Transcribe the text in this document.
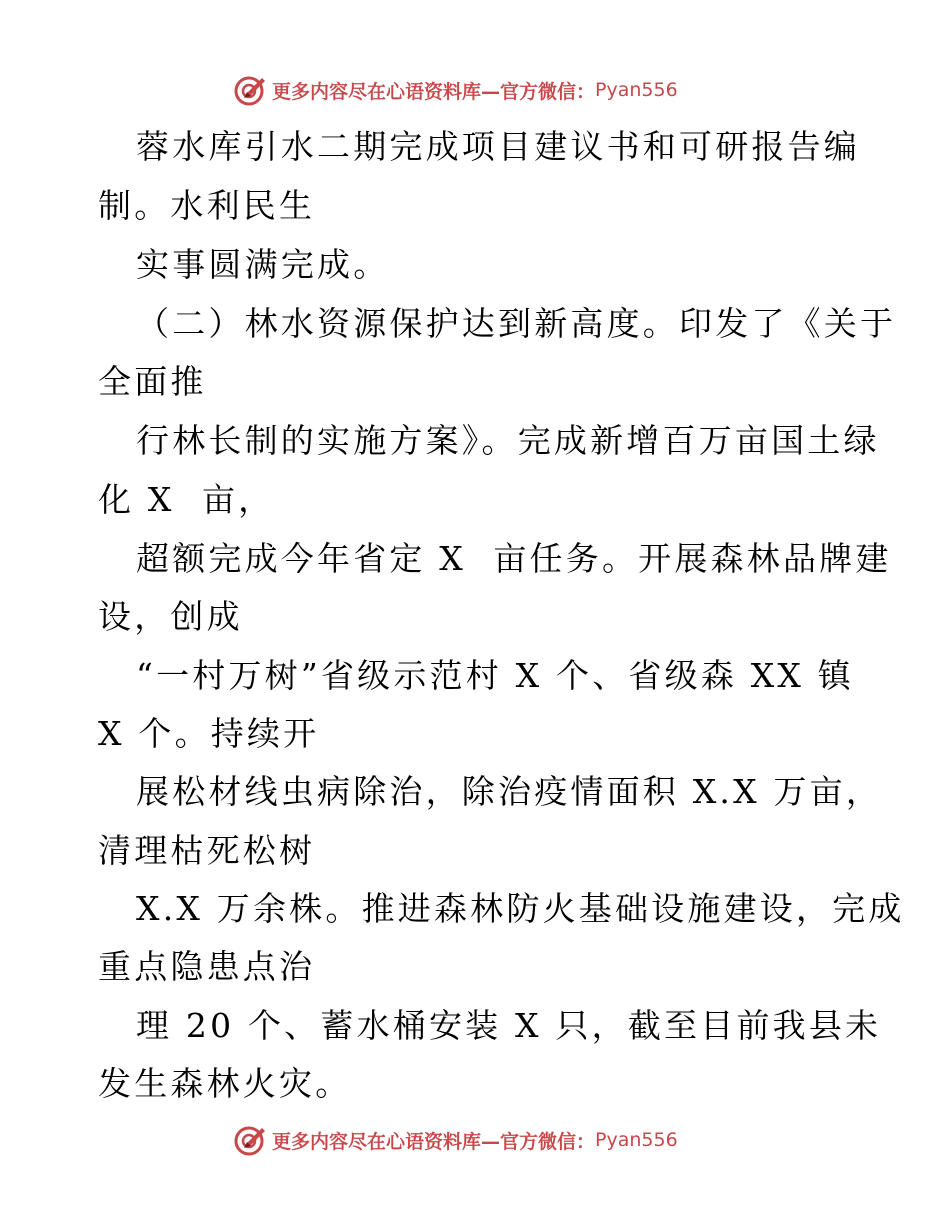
更多内容尽在心语资料库—官方微信： Pyan556
蓉水库引水二期完成项目建议书和可研报告编
制。水利民生
实事圆满完成。
（二）林水资源保护达到新高度。印发了《关于
全面推
行林长制的实施方案》。完成新增百万亩国土绿
化 X  亩，
超额完成今年省定 X  亩任务。开展森林品牌建
设，创成
“一村万树”省级示范村 X 个、省级森 XX 镇
X 个。持续开
展松材线虫病除治，除治疫情面积 X.X 万亩，
清理枯死松树
X.X 万余株。推进森林防火基础设施建设，完成
重点隐患点治
理 20 个、蓄水桶安装 X 只，截至目前我县未
发生森林火灾。
更多内容尽在心语资料库—官方微信： Pyan556
